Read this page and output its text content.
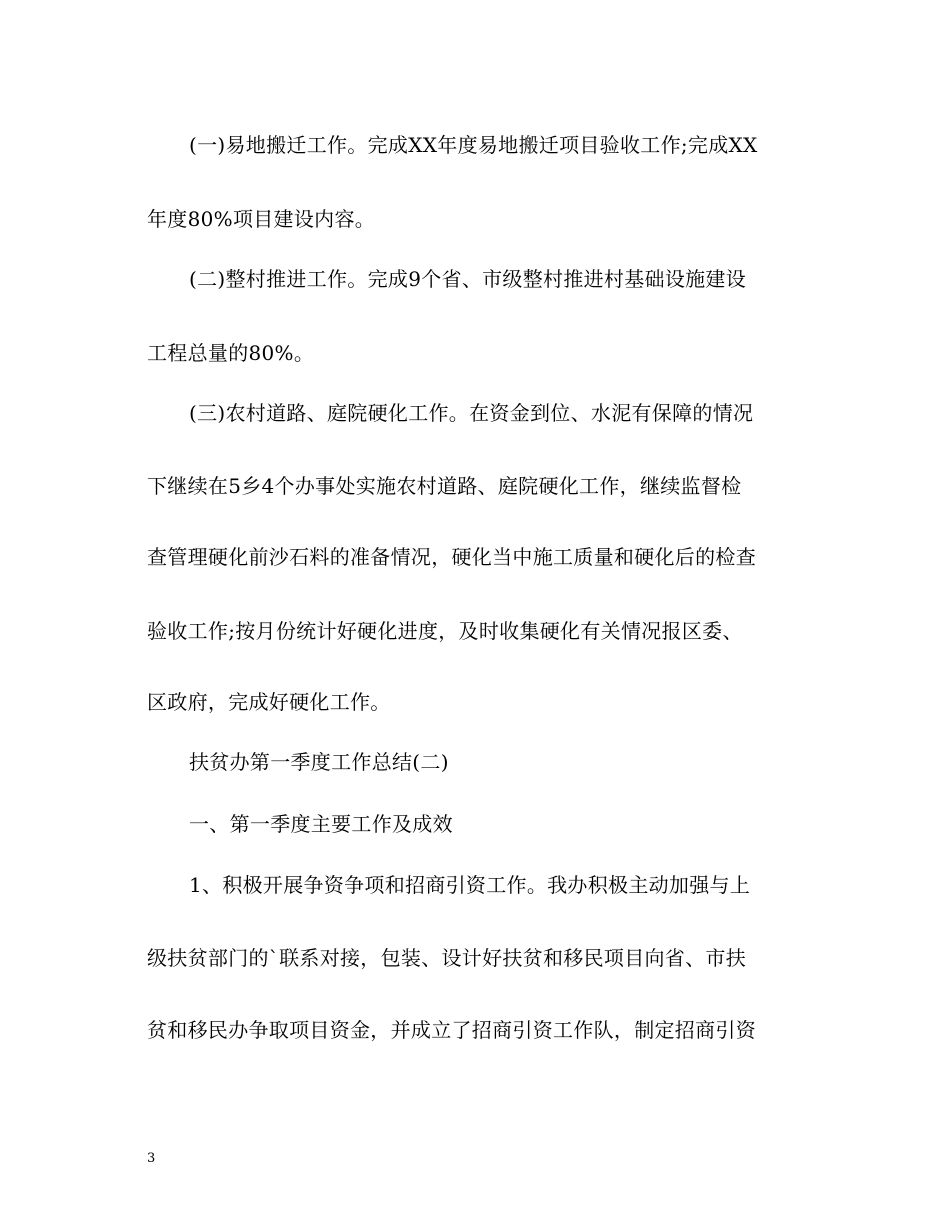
(一)易地搬迁工作。完成XX年度易地搬迁项目验收工作;完成XX
年度80%项目建设内容。
(二)整村推进工作。完成9个省、市级整村推进村基础设施建设
工程总量的80%。
(三)农村道路、庭院硬化工作。在资金到位、水泥有保障的情况
下继续在5乡4个办事处实施农村道路、庭院硬化工作，继续监督检
查管理硬化前沙石料的准备情况，硬化当中施工质量和硬化后的检查
验收工作;按月份统计好硬化进度，及时收集硬化有关情况报区委、
区政府，完成好硬化工作。
扶贫办第一季度工作总结(二)
一、第一季度主要工作及成效
1、积极开展争资争项和招商引资工作。我办积极主动加强与上
级扶贫部门的`联系对接，包装、设计好扶贫和移民项目向省、市扶
贫和移民办争取项目资金，并成立了招商引资工作队，制定招商引资
3
